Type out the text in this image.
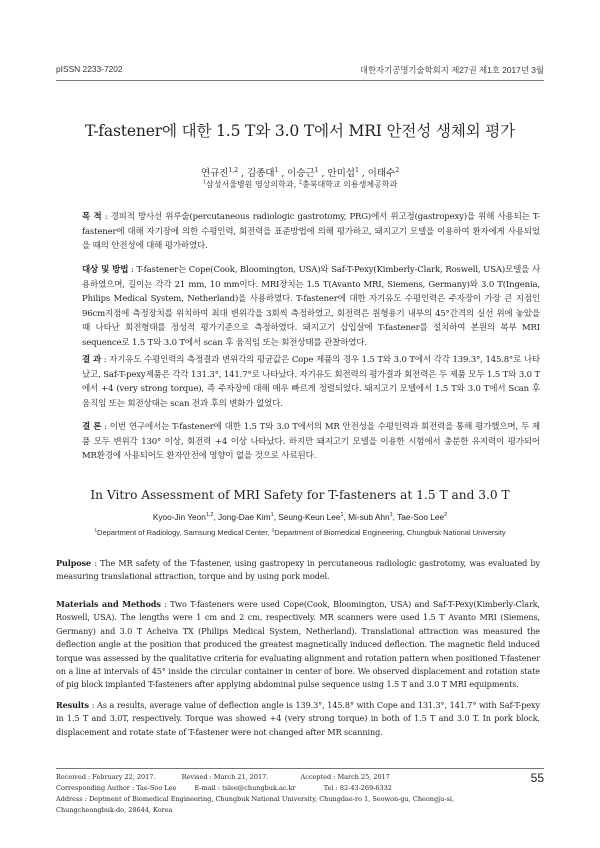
pISSN 2233-7202	대한자기공명기술학회지 제27권 제1호 2017년 3월
T-fastener에 대한 1.5 T와 3.0 T에서 MRI 안전성 생체외 평가
연규진$^{1,2}$ , 김종대$^1$ , 이승근$^1$ , 안미섭$^1$ , 이태수$^2$
$^1$삼성서울병원 영상의학과, $^2$충북대학교 의용생체공학과
목 적 : 경피적 방사선 위루술(percutaneous radiologic gastrotomy, PRG)에서 위고정(gastropexy)을 위해 사용되는 T-fastener에 대해 자기장에 의한 수평인력, 회전력을 표준방법에 의해 평가하고, 돼지고기 모델을 이용하여 환자에게 사용되었을 때의 안전성에 대해 평가하였다.
대상 및 방법 : T-fastener는 Cope(Cook, Bloomington, USA)와 Saf-T-Pexy(Kimberly-Clark, Roswell, USA)모델을 사용하였으며, 길이는 각각 21 mm, 10 mm이다. MRI장치는 1.5 T(Avanto MRI, Siemens, Germany)와 3.0 T(Ingenia, Philips Medical System, Netherland)을 사용하였다. T-fastener에 대한 자기유도 수평인력은 주자장이 가장 큰 지점인 96cm지점에 측정장치를 위치하여 최대 변위각을 3회씩 측정하였고, 회전력은 원형용기 내부의 45°간격의 실선 위에 놓았을 때 나타난 회전형태를 정성적 평가기준으로 측정하였다. 돼지고기 삽입살에 T-fastener를 설치하여 본원의 복부 MRI sequence로 1.5 T와 3.0 T에서 scan 후 움직임 또는 회전상태를 관찰하였다.
결 과 : 자기유도 수평인력의 측정결과 변위각의 평균값은 Cope 제품의 경우 1.5 T와 3.0 T에서 각각 139.3°, 145.8°로 나타났고, Saf-T-pexy제품은 각각 131.3°, 141.7°로 나타났다. 자기유도 회전력의 평가결과 회전력은 두 제품 모두 1.5 T와 3.0 T에서 +4 (very strong torque), 즉 주자장에 대해 매우 빠르게 정렬되었다. 돼지고기 모델에서 1.5 T와 3.0 T에서 Scan 후 움직임 또는 회전상태는 scan 전과 후의 변화가 없었다.
결 론 : 이번 연구에서는 T-fastener에 대한 1.5 T와 3.0 T에서의 MR 안전성을 수평인력과 회전력을 통해 평가했으며, 두 제품 모두 변위각 130° 이상, 회전력 +4 이상 나타났다. 하지만 돼지고기 모델을 이용한 시험에서 충분한 유지력이 평가되어 MR환경에 사용되어도 환자안전에 영향이 없을 것으로 사료된다.
In Vitro Assessment of MRI Safety for T-fasteners at 1.5 T and 3.0 T
Kyoo-Jin Yeon$^{1,2}$, Jong-Dae Kim$^1$, Seung-Keun Lee$^1$, Mi-sub Ahn$^1$, Tae-Soo Lee$^2$
$^1$Department of Radiology, Samsung Medical Center, $^2$Department of Biomedical Engineering, Chungbuk National University
Pulpose : The MR safety of the T-fastener, using gastropexy in percutaneous radiologic gastrotomy, was evaluated by measuring translational attraction, torque and by using pork model.
Materials and Methods : Two T-fasteners were used Cope(Cook, Bloomington, USA) and Saf-T-Pexy(Kimberly-Clark, Roswell, USA). The lengths were 1 cm and 2 cm, respectively. MR scanners were used 1.5 T Avanto MRI (Siemens, Germany) and 3.0 T Acheiva TX (Philips Medical System, Netherland). Translational attraction was measured the deflection angle at the position that produced the greatest magnetically induced deflection. The magnetic field induced torque was assessed by the qualitative criteria for evaluating alignment and rotation pattern when positioned T-fastener on a line at intervals of 45° inside the circular container in center of bore. We observed displacement and rotation state of pig block implanted T-fasteners after applying abdominal pulse sequence using 1.5 T and 3.0 T MRI equipments.
Results : As a results, average value of deflection angle is 139.3°, 145.8° with Cope and 131.3°, 141.7° with Saf-T-pexy in 1.5 T and 3.0T, respectively. Torque was showed +4 (very strong torque) in both of 1.5 T and 3.0 T. In pork block, displacement and rotate state of T-fastener were not changed after MR scanning.
55
Received : February 22, 2017.	Revised : March 21, 2017.	Accepted : March 25, 2017
Corresponding Author : Tae-Soo Lee	E-mail : tslee@chungbuk.ac.kr	Tel : 82-43-269-6332
Address : Deptment of Biomedical Engineering, Chungbuk National University, Chungdae-ro 1, Seowon-gu, Cheongju-si,
Chungcheongbuk-do, 28644, Korea
